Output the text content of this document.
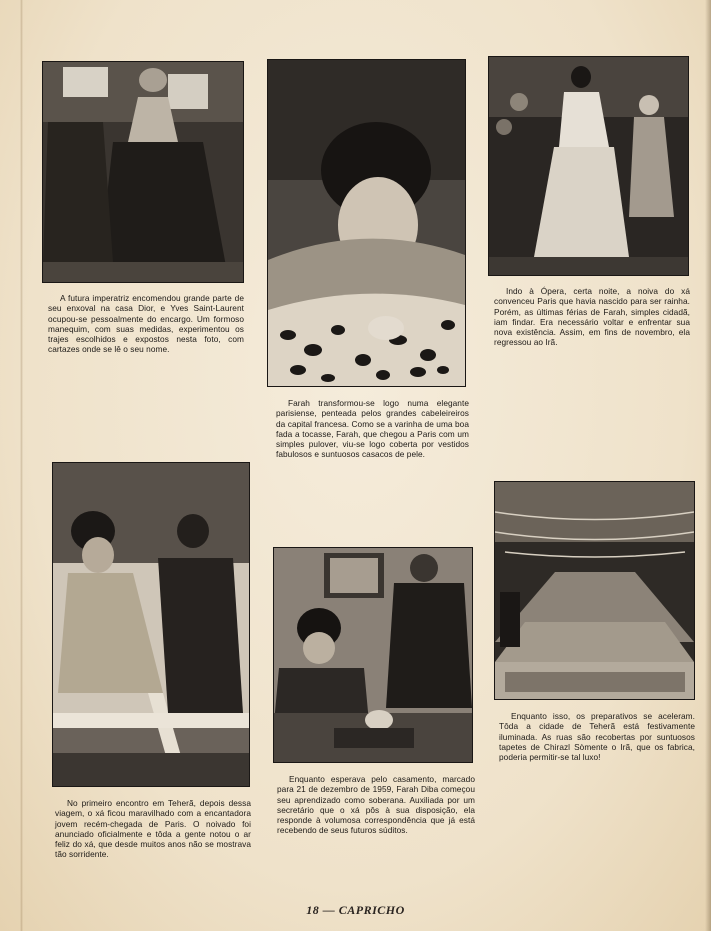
A futura imperatriz encomendou grande parte de seu enxoval na casa Dior, e Yves Saint-Laurent ocupou-se pessoalmente do encargo. Um formoso manequim, com suas medidas, experimentou os trajes escolhidos e expostos nesta foto, com cartazes onde se lê o seu nome.
Farah transformou-se logo numa elegante parisiense, penteada pelos grandes cabeleireiros da capital francesa. Como se a varinha de uma boa fada a tocasse, Farah, que chegou a Paris com um simples pulover, viu-se logo coberta por vestidos fabulosos e suntuosos casacos de pele.
Indo à Ópera, certa noite, a noiva do xá convenceu Paris que havia nascido para ser rainha. Porém, as últimas férias de Farah, simples cidadã, iam findar. Era necessário voltar e enfrentar sua nova existência. Assim, em fins de novembro, ela regressou ao Irã.
No primeiro encontro em Teherã, depois dessa viagem, o xá ficou maravilhado com a encantadora jovem recém-chegada de Paris. O noivado foi anunciado oficialmente e tôda a gente notou o ar feliz do xá, que desde muitos anos não se mostrava tão sorridente.
Enquanto esperava pelo casamento, marcado para 21 de dezembro de 1959, Farah Diba começou seu aprendizado como soberana. Auxiliada por um secretário que o xá pôs à sua disposição, ela responde à volumosa correspondência que já está recebendo de seus futuros súditos.
Enquanto isso, os preparativos se aceleram. Tôda a cidade de Teherã está festivamente iluminada. As ruas são recobertas por suntuosos tapetes de Chirazl Sòmente o Irã, que os fabrica, poderia permitir-se tal luxo!
18 — CAPRICHO
